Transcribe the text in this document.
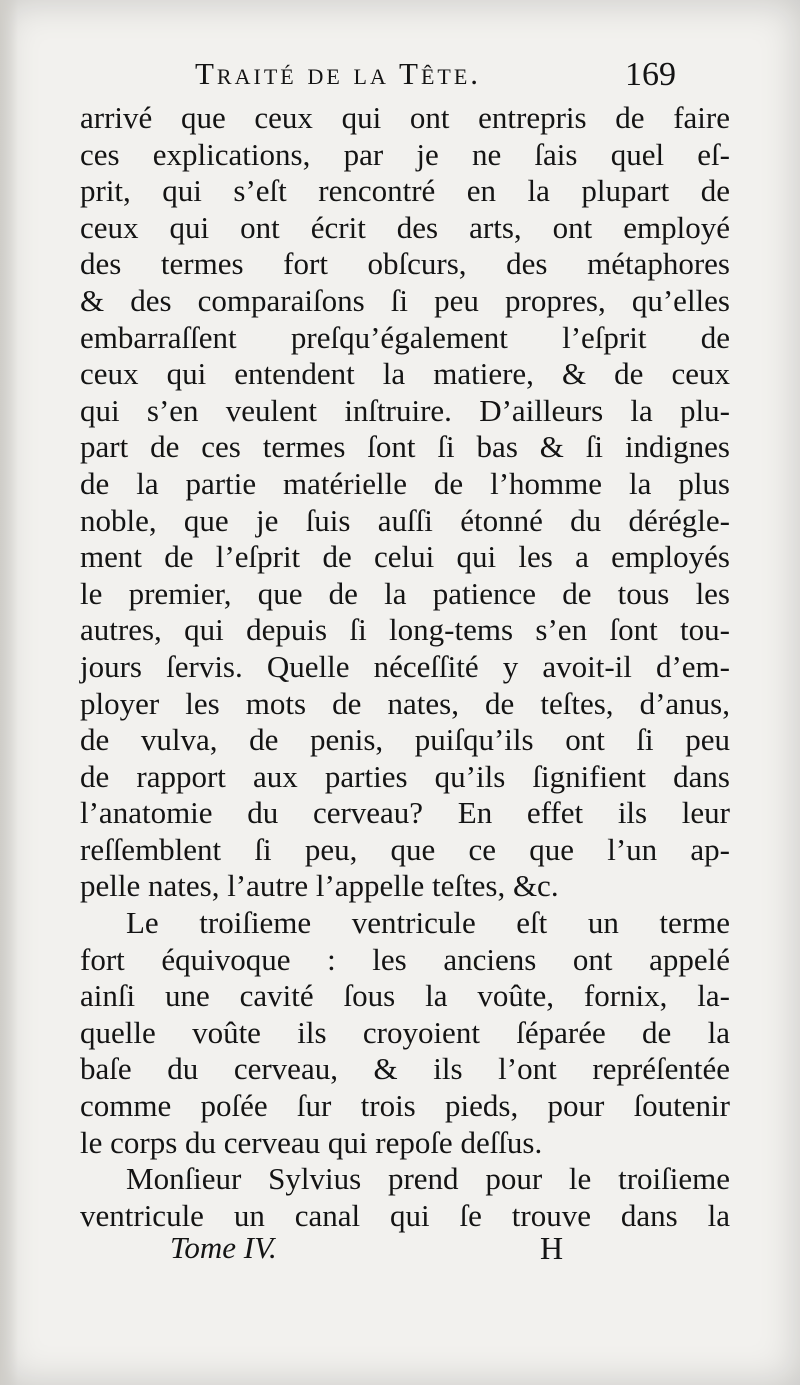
Traité de la Tête.	169
arrivé que ceux qui ont entrepris de faire
ces explications, par je ne ſais quel eſ-
prit, qui s’eſt rencontré en la plupart de
ceux qui ont écrit des arts, ont employé
des termes fort obſcurs, des métaphores
& des comparaiſons ſi peu propres, qu’elles
embarraſſent preſqu’également l’eſprit de
ceux qui entendent la matiere, & de ceux
qui s’en veulent inſtruire. D’ailleurs la plu-
part de ces termes ſont ſi bas & ſi indignes
de la partie matérielle de l’homme la plus
noble, que je ſuis auſſi étonné du dérégle-
ment de l’eſprit de celui qui les a employés
le premier, que de la patience de tous les
autres, qui depuis ſi long-tems s’en ſont tou-
jours ſervis. Quelle néceſſité y avoit-il d’em-
ployer les mots de nates, de teſtes, d’anus,
de vulva, de penis, puiſqu’ils ont ſi peu
de rapport aux parties qu’ils ſignifient dans
l’anatomie du cerveau? En effet ils leur
reſſemblent ſi peu, que ce que l’un ap-
pelle nates, l’autre l’appelle teſtes, &c.
Le troiſieme ventricule eſt un terme
fort équivoque : les anciens ont appelé
ainſi une cavité ſous la voûte, fornix, la-
quelle voûte ils croyoient ſéparée de la
baſe du cerveau, & ils l’ont repréſentée
comme poſée ſur trois pieds, pour ſoutenir
le corps du cerveau qui repoſe deſſus.
Monſieur Sylvius prend pour le troiſieme
ventricule un canal qui ſe trouve dans la
Tome IV.	H
